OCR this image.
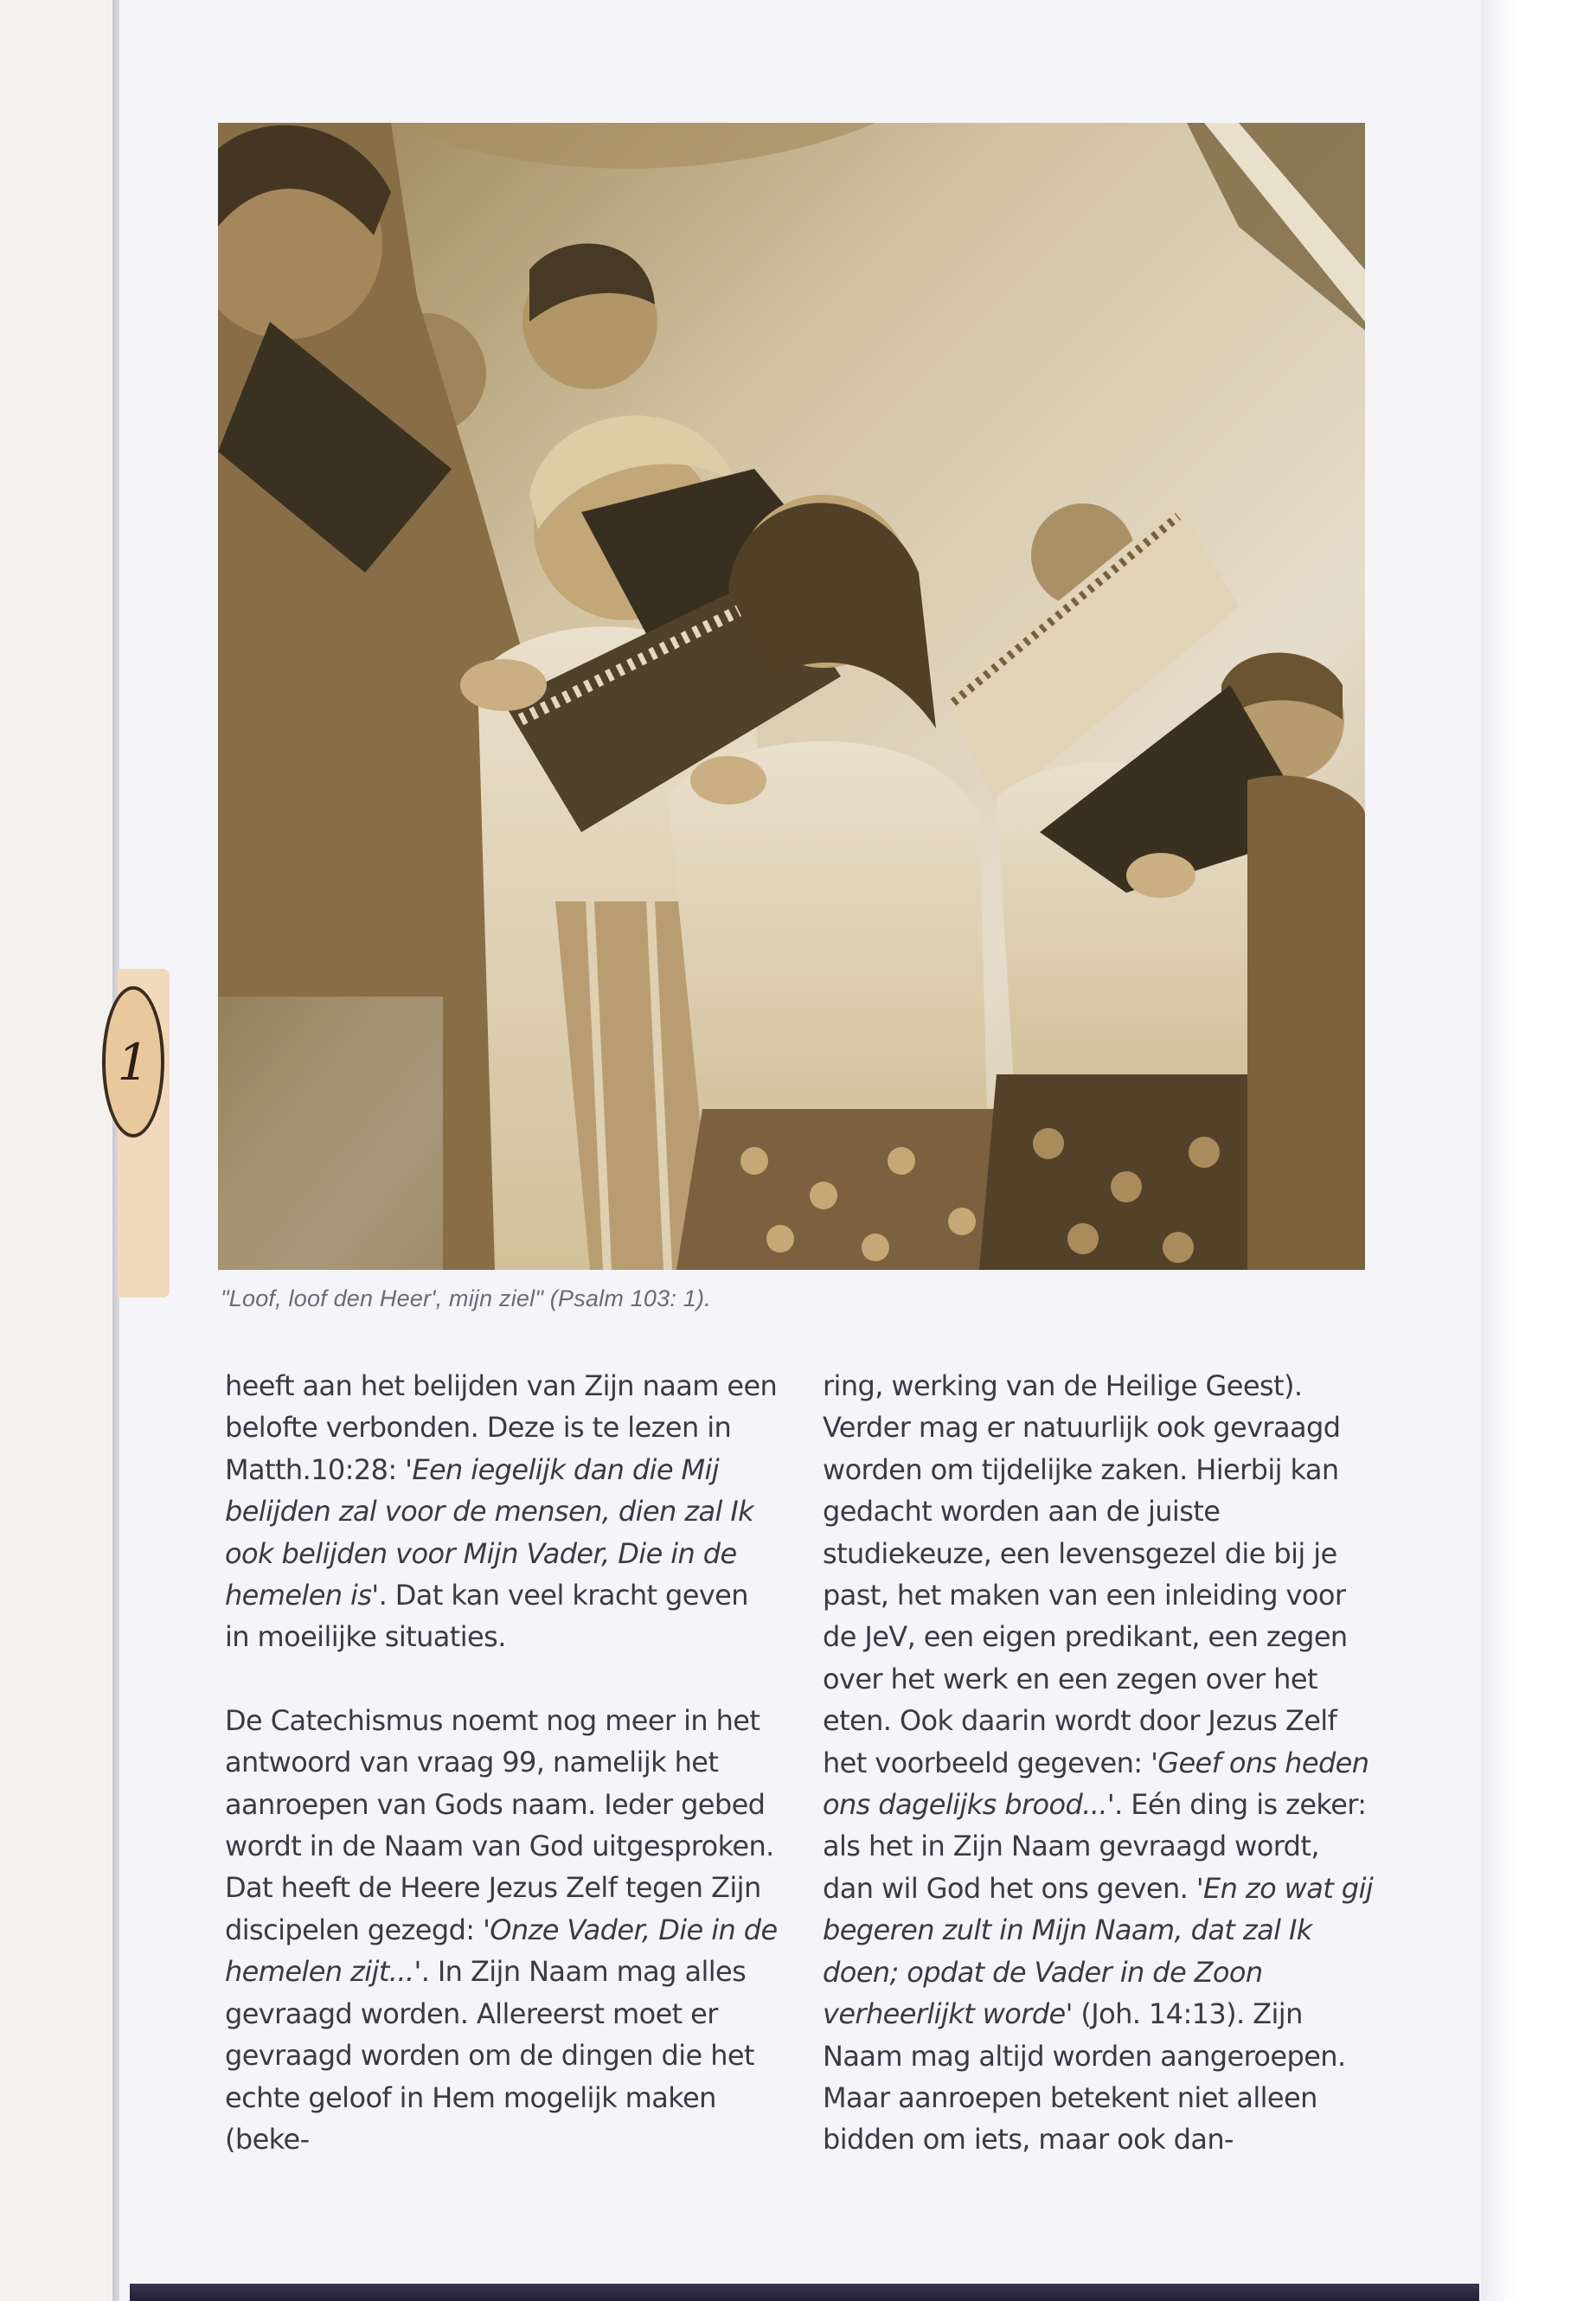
1
"Loof, loof den Heer', mijn ziel" (Psalm 103: 1).

heeft aan het belijden van Zijn naam een belofte verbonden. Deze is te lezen in Matth.10:28: 'Een iegelijk dan die Mij belijden zal voor de mensen, dien zal Ik ook belijden voor Mijn Vader, Die in de hemelen is'. Dat kan veel kracht geven in moeilijke situaties.

De Catechismus noemt nog meer in het antwoord van vraag 99, namelijk het aanroepen van Gods naam. Ieder gebed wordt in de Naam van God uitgesproken. Dat heeft de Heere Jezus Zelf tegen Zijn discipelen gezegd: 'Onze Vader, Die in de hemelen zijt...'. In Zijn Naam mag alles gevraagd worden. Allereerst moet er gevraagd worden om de dingen die het echte geloof in Hem mogelijk maken (beke-

ring, werking van de Heilige Geest). Verder mag er natuurlijk ook gevraagd worden om tijdelijke zaken. Hierbij kan gedacht worden aan de juiste studiekeuze, een levensgezel die bij je past, het maken van een inleiding voor de JeV, een eigen predikant, een zegen over het werk en een zegen over het eten. Ook daarin wordt door Jezus Zelf het voorbeeld gegeven: 'Geef ons heden ons dagelijks brood...'. Eén ding is zeker: als het in Zijn Naam gevraagd wordt, dan wil God het ons geven. 'En zo wat gij begeren zult in Mijn Naam, dat zal Ik doen; opdat de Vader in de Zoon verheerlijkt worde' (Joh. 14:13). Zijn Naam mag altijd worden aangeroepen. Maar aanroepen betekent niet alleen bidden om iets, maar ook dan-
